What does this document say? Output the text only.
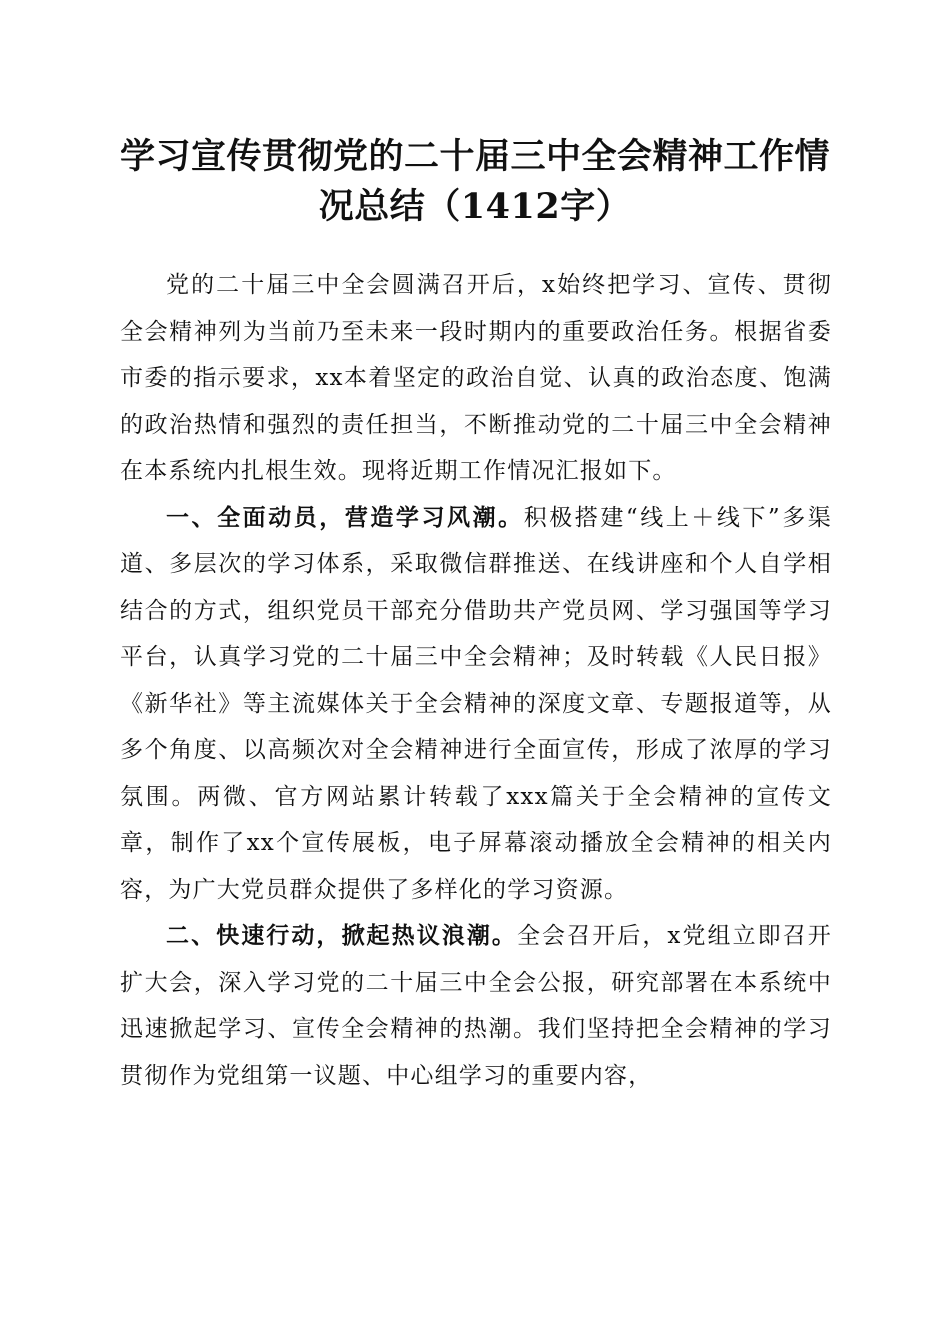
学习宣传贯彻党的二十届三中全会精神工作情况总结（1412字）

党的二十届三中全会圆满召开后，x始终把学习、宣传、贯彻全会精神列为当前乃至未来一段时期内的重要政治任务。根据省委市委的指示要求，xx本着坚定的政治自觉、认真的政治态度、饱满的政治热情和强烈的责任担当，不断推动党的二十届三中全会精神在本系统内扎根生效。现将近期工作情况汇报如下。

一、全面动员，营造学习风潮。积极搭建“线上＋线下”多渠道、多层次的学习体系，采取微信群推送、在线讲座和个人自学相结合的方式，组织党员干部充分借助共产党员网、学习强国等学习平台，认真学习党的二十届三中全会精神；及时转载《人民日报》《新华社》等主流媒体关于全会精神的深度文章、专题报道等，从多个角度、以高频次对全会精神进行全面宣传，形成了浓厚的学习氛围。两微、官方网站累计转载了xxx篇关于全会精神的宣传文章，制作了xx个宣传展板，电子屏幕滚动播放全会精神的相关内容，为广大党员群众提供了多样化的学习资源。

二、快速行动，掀起热议浪潮。全会召开后，x党组立即召开扩大会，深入学习党的二十届三中全会公报，研究部署在本系统中迅速掀起学习、宣传全会精神的热潮。我们坚持把全会精神的学习贯彻作为党组第一议题、中心组学习的重要内容，
